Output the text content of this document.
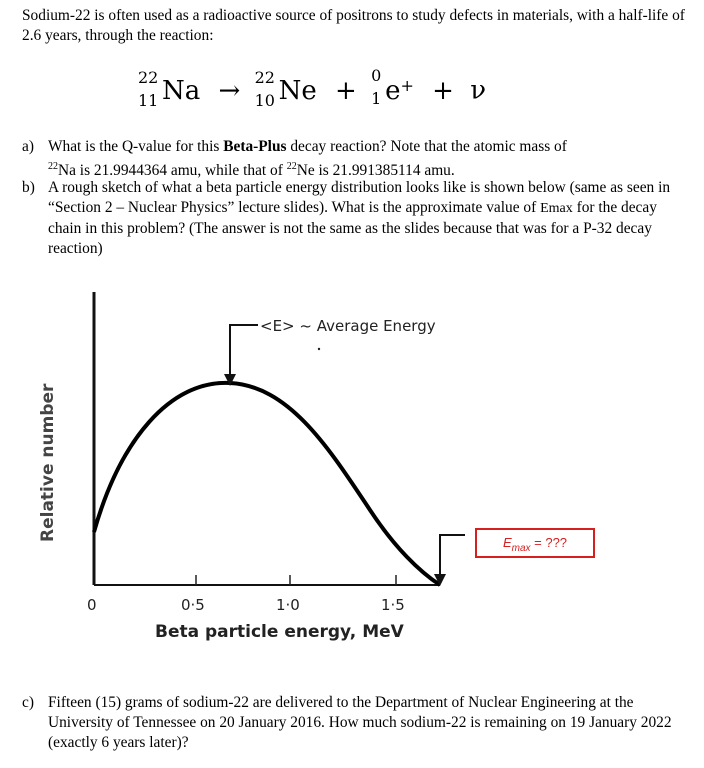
Sodium-22 is often used as a radioactive source of positrons to study defects in materials, with a half-life of 2.6 years, through the reaction:
22
11 Na → 22
10 Ne +
0
1 e+ + ν
a) What is the Q-value for this Beta-Plus decay reaction? Note that the atomic mass of
$^{22}$Na is 21.9944364 amu, while that of $^{22}$Ne is 21.991385114 amu.
b) A rough sketch of what a beta particle energy distribution looks like is shown below (same as seen in “Section 2 – Nuclear Physics” lecture slides). What is the approximate value of Emax for the decay chain in this problem? (The answer is not the same as the slides because that was for a P-32 decay reaction)
Relative number
0	0·5	1·0	1·5
Beta particle energy, MeV
<E> ~ Average Energy
$E_{max}$ = ???
c) Fifteen (15) grams of sodium-22 are delivered to the Department of Nuclear Engineering at the University of Tennessee on 20 January 2016. How much sodium-22 is remaining on 19 January 2022 (exactly 6 years later)?
